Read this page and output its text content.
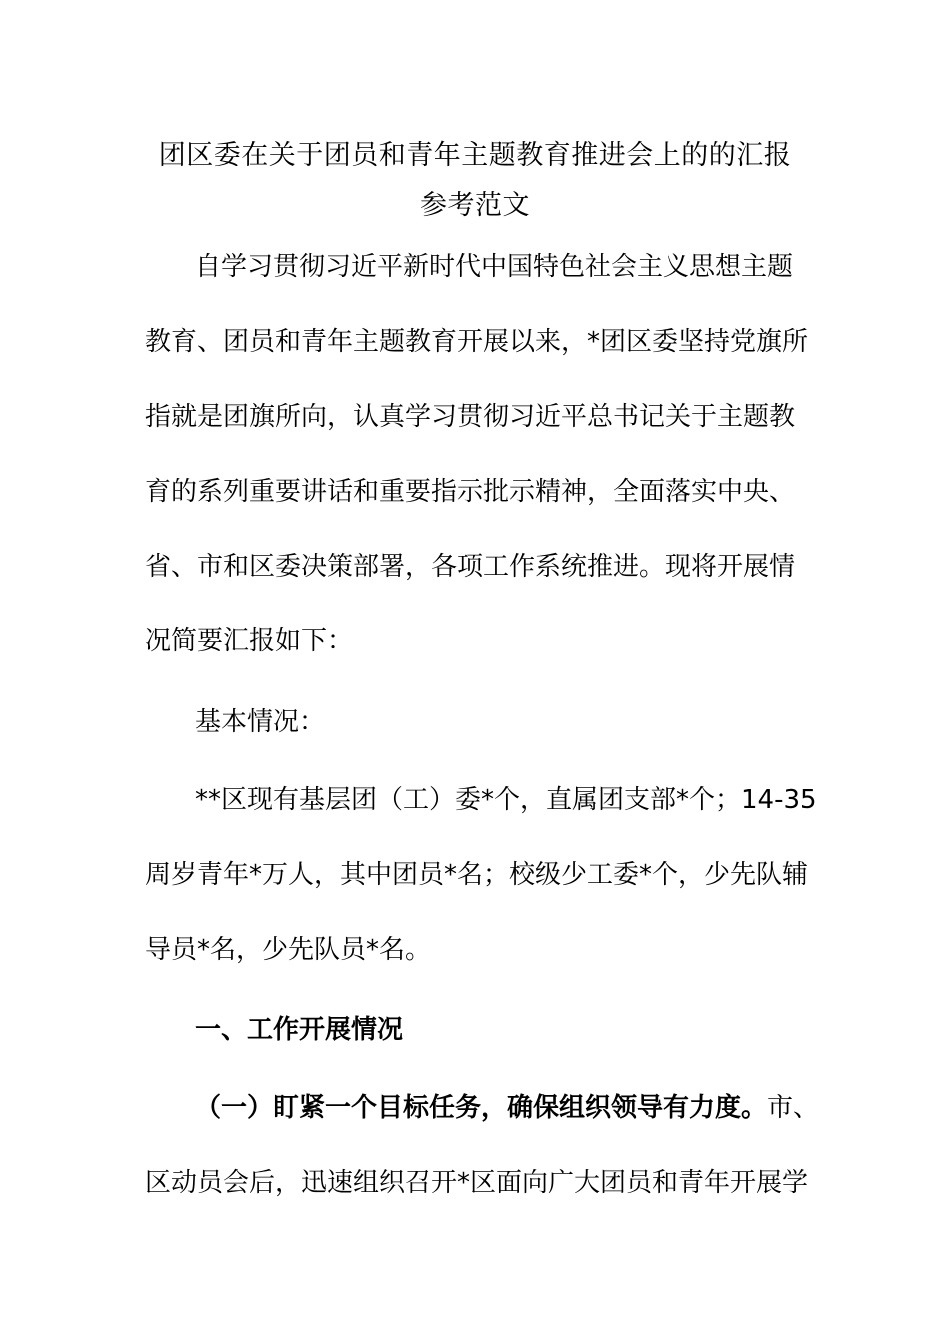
团区委在关于团员和青年主题教育推进会上的的汇报
参考范文
自学习贯彻习近平新时代中国特色社会主义思想主题
教育、团员和青年主题教育开展以来，*团区委坚持党旗所
指就是团旗所向，认真学习贯彻习近平总书记关于主题教
育的系列重要讲话和重要指示批示精神，全面落实中央、
省、市和区委决策部署，各项工作系统推进。现将开展情
况简要汇报如下：
基本情况：
**区现有基层团（工）委*个，直属团支部*个；14-35
周岁青年*万人，其中团员*名；校级少工委*个，少先队辅
导员*名，少先队员*名。
一、工作开展情况
（一）盯紧一个目标任务，确保组织领导有力度。市、
区动员会后，迅速组织召开*区面向广大团员和青年开展学
